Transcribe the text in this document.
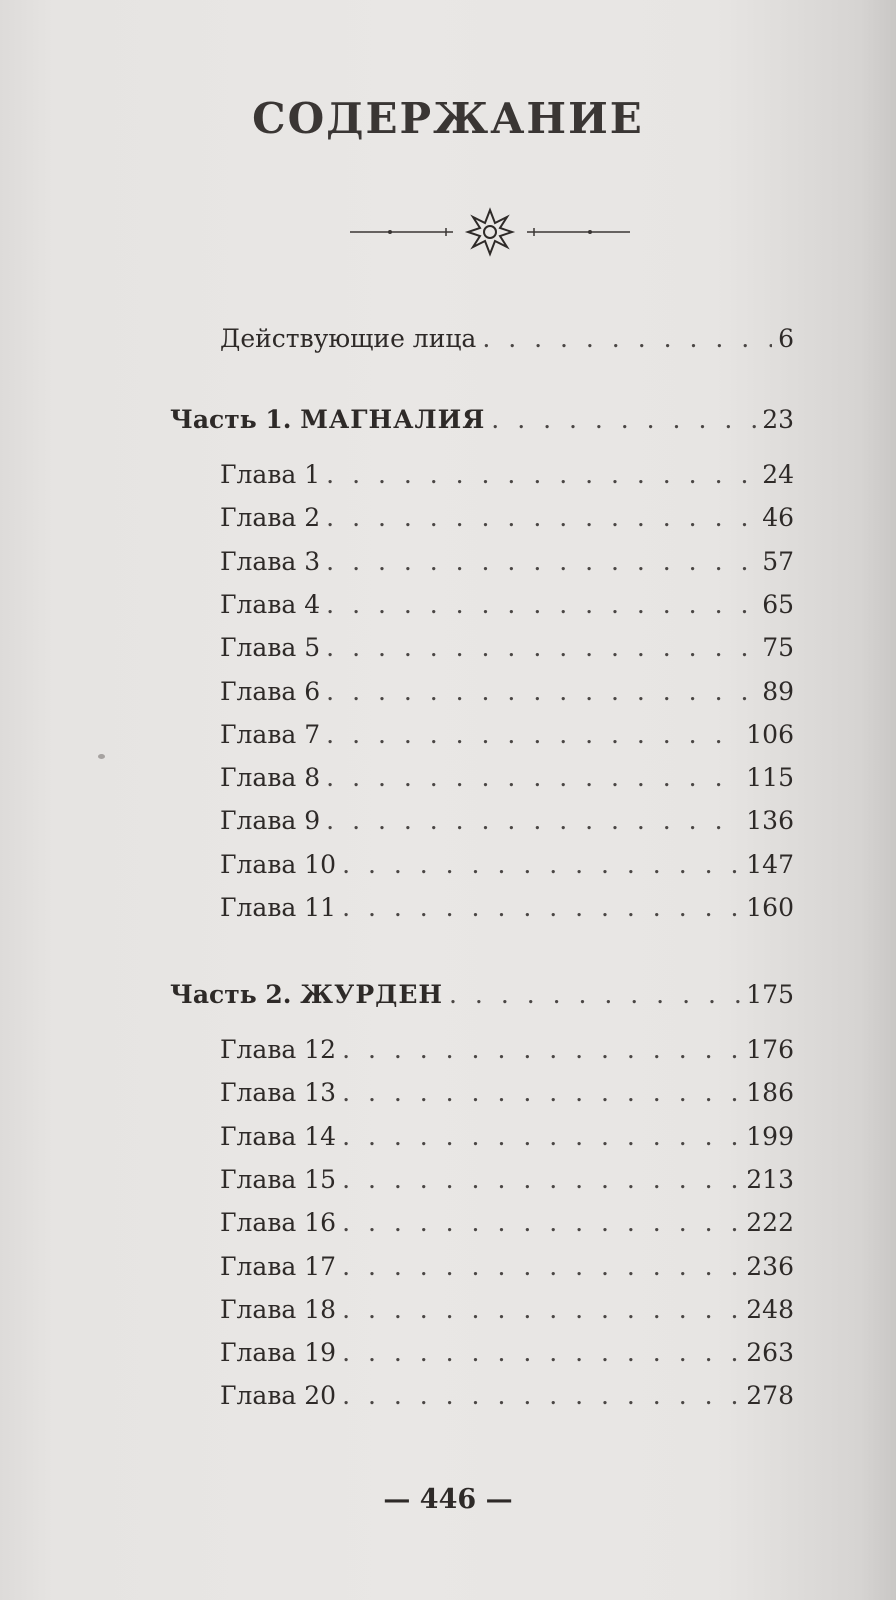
СОДЕРЖАНИЕ
Действующие лица . . .	6
Часть 1. МАГНАЛИЯ . . .	23
Глава 1 . . .	24
Глава 2 . . .	46
Глава 3 . . .	57
Глава 4 . . .	65
Глава 5 . . .	75
Глава 6 . . .	89
Глава 7 . . .	106
Глава 8 . . .	115
Глава 9 . . .	136
Глава 10 . . .	147
Глава 11 . . .	160
Часть 2. ЖУРДЕН . . .	175
Глава 12 . . .	176
Глава 13 . . .	186
Глава 14 . . .	199
Глава 15 . . .	213
Глава 16 . . .	222
Глава 17 . . .	236
Глава 18 . . .	248
Глава 19 . . .	263
Глава 20 . . .	278
— 446 —
